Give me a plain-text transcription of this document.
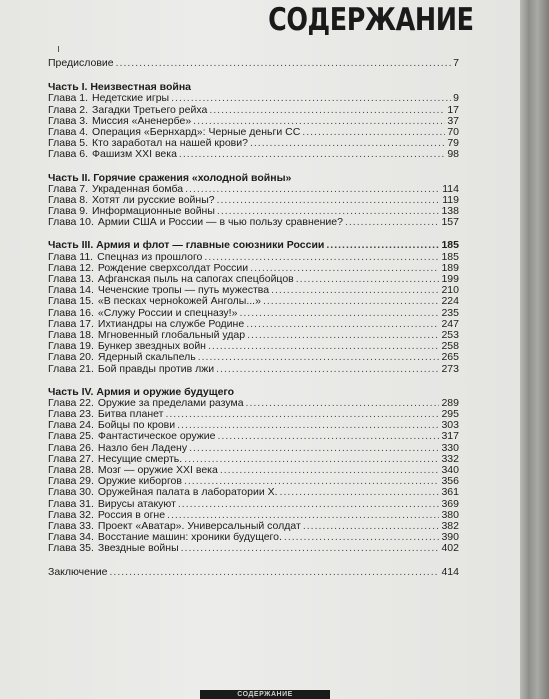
СОДЕРЖАНИЕ
Предисловие .....	7
Часть I. Неизвестная война
Глава 1. Недетские игры .....	9
Глава 2. Загадки Третьего рейха .....	17
Глава 3. Миссия «Аненербе» .....	37
Глава 4. Операция «Бернхард»: Черные деньги СС .....	70
Глава 5. Кто заработал на нашей крови? .....	79
Глава 6. Фашизм XXI века .....	98
Часть II. Горячие сражения «холодной войны»
Глава 7. Украденная бомба .....	114
Глава 8. Хотят ли русские войны? .....	119
Глава 9. Информационные войны .....	138
Глава 10. Армии США и России — в чью пользу сравнение? .....	157
Часть III. Армия и флот — главные союзники России .....	185
Глава 11. Спецназ из прошлого .....	185
Глава 12. Рождение сверхсолдат России .....	189
Глава 13. Афганская пыль на сапогах спецбойцов .....	199
Глава 14. Чеченские тропы — путь мужества .....	210
Глава 15. «В песках черноkожей Анголы...» .....	224
Глава 16. «Служу России и спецназу!» .....	235
Глава 17. Ихтиандры на службе Родине .....	247
Глава 18. Мгновенный глобальный удар .....	253
Глава 19. Бункер звездных войн .....	258
Глава 20. Ядерный скальпель .....	265
Глава 21. Бой правды против лжи .....	273
Часть IV. Армия и оружие будущего
Глава 22. Оружие за пределами разума .....	289
Глава 23. Битва планет .....	295
Глава 24. Бойцы по крови .....	303
Глава 25. Фантастическое оружие .....	317
Глава 26. Назло бен Ладену .....	330
Глава 27. Несущие смерть. .....	332
Глава 28. Мозг — оружие XXI века .....	340
Глава 29. Оружие киборгов .....	356
Глава 30. Оружейная палата в лаборатории Х. .....	361
Глава 31. Вирусы атакуют .....	369
Глава 32. Россия в огне .....	380
Глава 33. Проект «Аватар». Универсальный солдат .....	382
Глава 34. Восстание машин: хроники будущего. .....	390
Глава 35. Звездные войны .....	402
Заключение .....	414
СОДЕРЖАНИЕ
